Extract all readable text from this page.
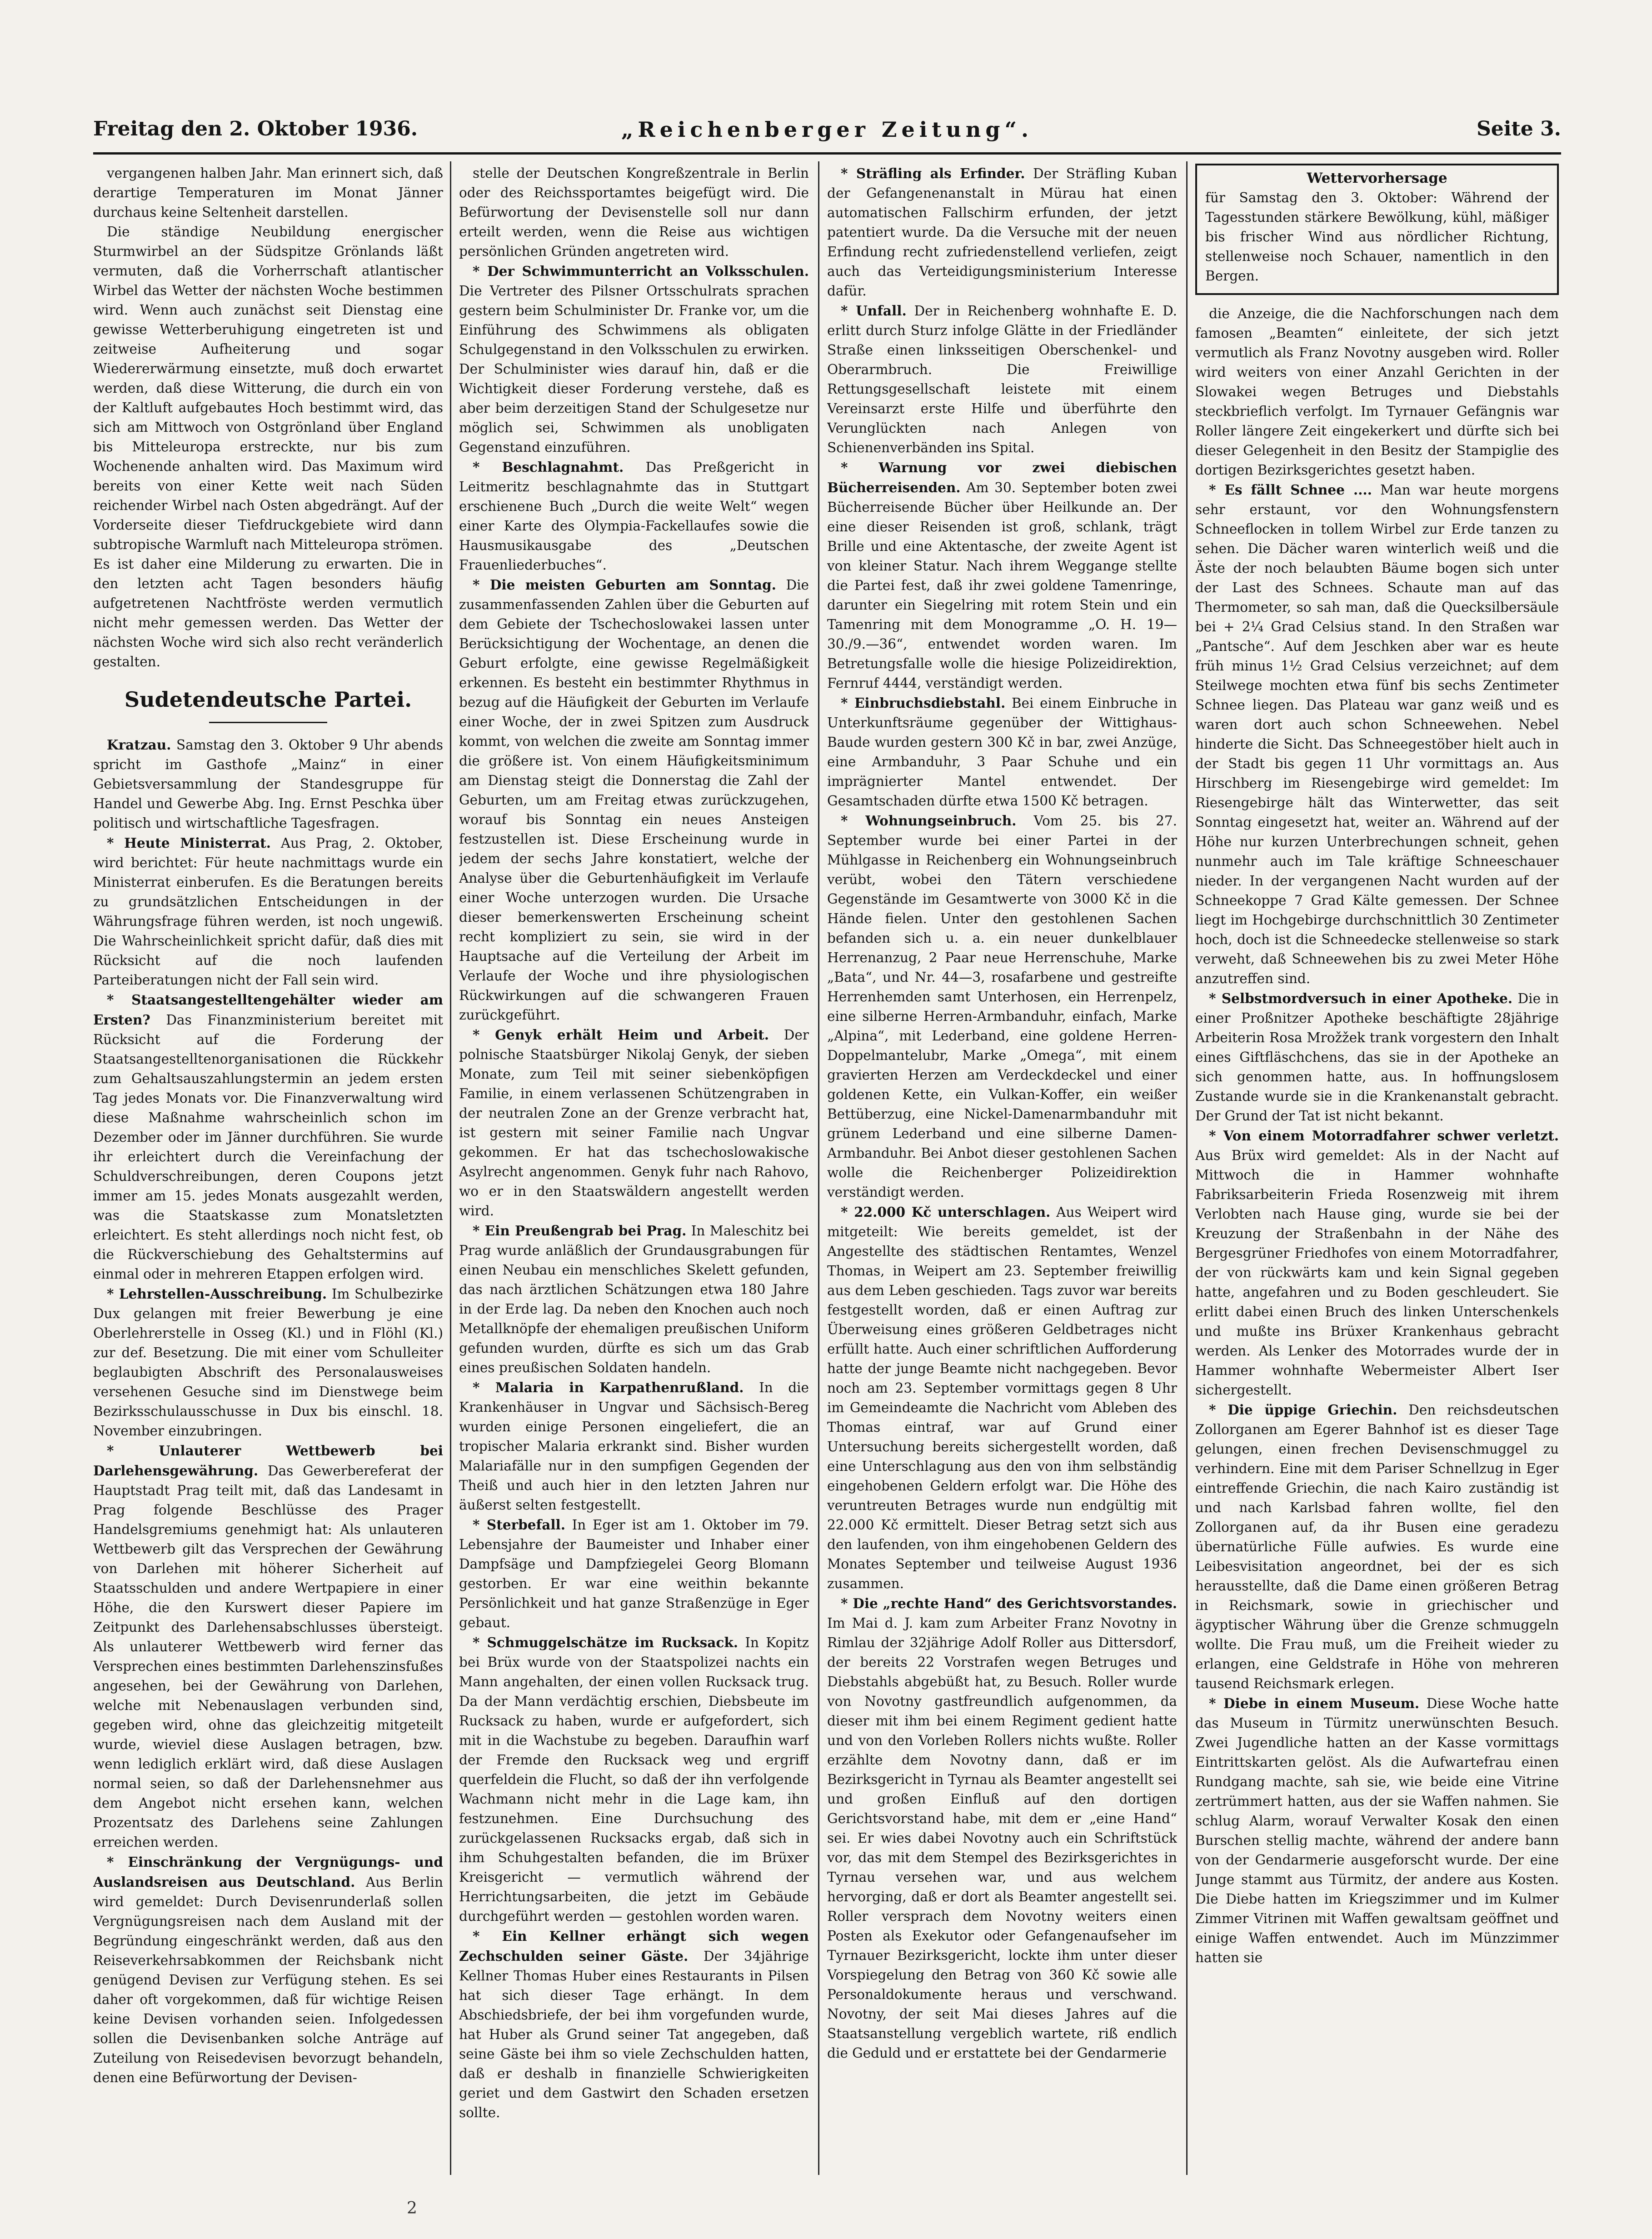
Freitag den 2. Oktober 1936.	„Reichenberger Zeitung“.	Seite 3.

vergangenen halben Jahr. Man erinnert sich, daß derartige Temperaturen im Monat Jänner durchaus keine Seltenheit darstellen.

Die ständige Neubildung energischer Sturmwirbel an der Südspitze Grönlands läßt vermuten, daß die Vorherrschaft atlantischer Wirbel das Wetter der nächsten Woche bestimmen wird. Wenn auch zunächst seit Dienstag eine gewisse Wetterberuhigung eingetreten ist und zeitweise Aufheiterung und sogar Wiedererwärmung einsetzte, muß doch erwartet werden, daß diese Witterung, die durch ein von der Kaltluft aufgebautes Hoch bestimmt wird, das sich am Mittwoch von Ostgrönland über England bis Mitteleuropa erstreckte, nur bis zum Wochenende anhalten wird. Das Maximum wird bereits von einer Kette weit nach Süden reichender Wirbel nach Osten abgedrängt. Auf der Vorderseite dieser Tiefdruckgebiete wird dann subtropische Warmluft nach Mitteleuropa strömen. Es ist daher eine Milderung zu erwarten. Die in den letzten acht Tagen besonders häufig aufgetretenen Nachtfröste werden vermutlich nicht mehr gemessen werden. Das Wetter der nächsten Woche wird sich also recht veränderlich gestalten.

Sudetendeutsche Partei.

Kratzau. Samstag den 3. Oktober 9 Uhr abends spricht im Gasthofe „Mainz“ in einer Gebietsversammlung der Standesgruppe für Handel und Gewerbe Abg. Ing. Ernst Peschka über politisch und wirtschaftliche Tagesfragen.

* Heute Ministerrat. Aus Prag, 2. Oktober, wird berichtet: Für heute nachmittags wurde ein Ministerrat einberufen. Es die Beratungen bereits zu grundsätzlichen Entscheidungen in der Währungsfrage führen werden, ist noch ungewiß. Die Wahrscheinlichkeit spricht dafür, daß dies mit Rücksicht auf die noch laufenden Parteiberatungen nicht der Fall sein wird.

* Staatsangestelltengehälter wieder am Ersten? Das Finanzministerium bereitet mit Rücksicht auf die Forderung der Staatsangestelltenorganisationen die Rückkehr zum Gehaltsauszahlungstermin an jedem ersten Tag jedes Monats vor. Die Finanzverwaltung wird diese Maßnahme wahrscheinlich schon im Dezember oder im Jänner durchführen. Sie wurde ihr erleichtert durch die Vereinfachung der Schuldverschreibungen, deren Coupons jetzt immer am 15. jedes Monats ausgezahlt werden, was die Staatskasse zum Monatsletzten erleichtert. Es steht allerdings noch nicht fest, ob die Rückverschiebung des Gehaltstermins auf einmal oder in mehreren Etappen erfolgen wird.

* Lehrstellen-Ausschreibung. Im Schulbezirke Dux gelangen mit freier Bewerbung je eine Oberlehrerstelle in Osseg (Kl.) und in Flöhl (Kl.) zur def. Besetzung. Die mit einer vom Schulleiter beglaubigten Abschrift des Personalausweises versehenen Gesuche sind im Dienstwege beim Bezirksschulausschusse in Dux bis einschl. 18. November einzubringen.

* Unlauterer Wettbewerb bei Darlehensgewährung. Das Gewerbereferat der Hauptstadt Prag teilt mit, daß das Landesamt in Prag folgende Beschlüsse des Prager Handelsgremiums genehmigt hat: Als unlauteren Wettbewerb gilt das Versprechen der Gewährung von Darlehen mit höherer Sicherheit auf Staatsschulden und andere Wertpapiere in einer Höhe, die den Kurswert dieser Papiere im Zeitpunkt des Darlehensabschlusses übersteigt. Als unlauterer Wettbewerb wird ferner das Versprechen eines bestimmten Darlehenszinsfußes angesehen, bei der Gewährung von Darlehen, welche mit Nebenauslagen verbunden sind, gegeben wird, ohne das gleichzeitig mitgeteilt wurde, wieviel diese Auslagen betragen, bzw. wenn lediglich erklärt wird, daß diese Auslagen normal seien, so daß der Darlehensnehmer aus dem Angebot nicht ersehen kann, welchen Prozentsatz des Darlehens seine Zahlungen erreichen werden.

* Einschränkung der Vergnügungs- und Auslandsreisen aus Deutschland. Aus Berlin wird gemeldet: Durch Devisenrunderlaß sollen Vergnügungsreisen nach dem Ausland mit der Begründung eingeschränkt werden, daß aus den Reiseverkehrsabkommen der Reichsbank nicht genügend Devisen zur Verfügung stehen. Es sei daher oft vorgekommen, daß für wichtige Reisen keine Devisen vorhanden seien. Infolgedessen sollen die Devisenbanken solche Anträge auf Zuteilung von Reisedevisen bevorzugt behandeln, denen eine Befürwortung der Devisen-

stelle der Deutschen Kongreßzentrale in Berlin oder des Reichssportamtes beigefügt wird. Die Befürwortung der Devisenstelle soll nur dann erteilt werden, wenn die Reise aus wichtigen persönlichen Gründen angetreten wird.

* Der Schwimmunterricht an Volksschulen. Die Vertreter des Pilsner Ortsschulrats sprachen gestern beim Schulminister Dr. Franke vor, um die Einführung des Schwimmens als obligaten Schulgegenstand in den Volksschulen zu erwirken. Der Schulminister wies darauf hin, daß er die Wichtigkeit dieser Forderung verstehe, daß es aber beim derzeitigen Stand der Schulgesetze nur möglich sei, Schwimmen als unobligaten Gegenstand einzuführen.

* Beschlagnahmt. Das Preßgericht in Leitmeritz beschlagnahmte das in Stuttgart erschienene Buch „Durch die weite Welt“ wegen einer Karte des Olympia-Fackellaufes sowie die Hausmusikausgabe des „Deutschen Frauenliederbuches“.

* Die meisten Geburten am Sonntag. Die zusammenfassenden Zahlen über die Geburten auf dem Gebiete der Tschechoslowakei lassen unter Berücksichtigung der Wochentage, an denen die Geburt erfolgte, eine gewisse Regelmäßigkeit erkennen. Es besteht ein bestimmter Rhythmus in bezug auf die Häufigkeit der Geburten im Verlaufe einer Woche, der in zwei Spitzen zum Ausdruck kommt, von welchen die zweite am Sonntag immer die größere ist. Von einem Häufigkeitsminimum am Dienstag steigt die Donnerstag die Zahl der Geburten, um am Freitag etwas zurückzugehen, worauf bis Sonntag ein neues Ansteigen festzustellen ist. Diese Erscheinung wurde in jedem der sechs Jahre konstatiert, welche der Analyse über die Geburtenhäufigkeit im Verlaufe einer Woche unterzogen wurden. Die Ursache dieser bemerkenswerten Erscheinung scheint recht kompliziert zu sein, sie wird in der Hauptsache auf die Verteilung der Arbeit im Verlaufe der Woche und ihre physiologischen Rückwirkungen auf die schwangeren Frauen zurückgeführt.

* Genyk erhält Heim und Arbeit. Der polnische Staatsbürger Nikolaj Genyk, der sieben Monate, zum Teil mit seiner siebenköpfigen Familie, in einem verlassenen Schützengraben in der neutralen Zone an der Grenze verbracht hat, ist gestern mit seiner Familie nach Ungvar gekommen. Er hat das tschechoslowakische Asylrecht angenommen. Genyk fuhr nach Rahovo, wo er in den Staatswäldern angestellt werden wird.

* Ein Preußengrab bei Prag. In Maleschitz bei Prag wurde anläßlich der Grundausgrabungen für einen Neubau ein menschliches Skelett gefunden, das nach ärztlichen Schätzungen etwa 180 Jahre in der Erde lag. Da neben den Knochen auch noch Metallknöpfe der ehemaligen preußischen Uniform gefunden wurden, dürfte es sich um das Grab eines preußischen Soldaten handeln.

* Malaria in Karpathenrußland. In die Krankenhäuser in Ungvar und Sächsisch-Bereg wurden einige Personen eingeliefert, die an tropischer Malaria erkrankt sind. Bisher wurden Malariafälle nur in den sumpfigen Gegenden der Theiß und auch hier in den letzten Jahren nur äußerst selten festgestellt.

* Sterbefall. In Eger ist am 1. Oktober im 79. Lebensjahre der Baumeister und Inhaber einer Dampfsäge und Dampfziegelei Georg Blomann gestorben. Er war eine weithin bekannte Persönlichkeit und hat ganze Straßenzüge in Eger gebaut.

* Schmuggelschätze im Rucksack. In Kopitz bei Brüx wurde von der Staatspolizei nachts ein Mann angehalten, der einen vollen Rucksack trug. Da der Mann verdächtig erschien, Diebsbeute im Rucksack zu haben, wurde er aufgefordert, sich mit in die Wachstube zu begeben. Daraufhin warf der Fremde den Rucksack weg und ergriff querfeldein die Flucht, so daß der ihn verfolgende Wachmann nicht mehr in die Lage kam, ihn festzunehmen. Eine Durchsuchung des zurückgelassenen Rucksacks ergab, daß sich in ihm Schuhgestalten befanden, die im Brüxer Kreisgericht — vermutlich während der Herrichtungsarbeiten, die jetzt im Gebäude durchgeführt werden — gestohlen worden waren.

* Ein Kellner erhängt sich wegen Zechschulden seiner Gäste. Der 34jährige Kellner Thomas Huber eines Restaurants in Pilsen hat sich dieser Tage erhängt. In dem Abschiedsbriefe, der bei ihm vorgefunden wurde, hat Huber als Grund seiner Tat angegeben, daß seine Gäste bei ihm so viele Zechschulden hatten, daß er deshalb in finanzielle Schwierigkeiten geriet und dem Gastwirt den Schaden ersetzen sollte.

* Sträfling als Erfinder. Der Sträfling Kuban der Gefangenenanstalt in Mürau hat einen automatischen Fallschirm erfunden, der jetzt patentiert wurde. Da die Versuche mit der neuen Erfindung recht zufriedenstellend verliefen, zeigt auch das Verteidigungsministerium Interesse dafür.

* Unfall. Der in Reichenberg wohnhafte E. D. erlitt durch Sturz infolge Glätte in der Friedländer Straße einen linksseitigen Oberschenkel- und Oberarmbruch. Die Freiwillige Rettungsgesellschaft leistete mit einem Vereinsarzt erste Hilfe und überführte den Verunglückten nach Anlegen von Schienenverbänden ins Spital.

* Warnung vor zwei diebischen Bücherreisenden. Am 30. September boten zwei Bücherreisende Bücher über Heilkunde an. Der eine dieser Reisenden ist groß, schlank, trägt Brille und eine Aktentasche, der zweite Agent ist von kleiner Statur. Nach ihrem Weggange stellte die Partei fest, daß ihr zwei goldene Tamenringe, darunter ein Siegelring mit rotem Stein und ein Tamenring mit dem Monogramme „O. H. 19—30./9.—36“, entwendet worden waren. Im Betretungsfalle wolle die hiesige Polizeidirektion, Fernruf 4444, verständigt werden.

* Einbruchsdiebstahl. Bei einem Einbruche in Unterkunftsräume gegenüber der Wittighaus-Baude wurden gestern 300 Kč in bar, zwei Anzüge, eine Armbanduhr, 3 Paar Schuhe und ein imprägnierter Mantel entwendet. Der Gesamtschaden dürfte etwa 1500 Kč betragen.

* Wohnungseinbruch. Vom 25. bis 27. September wurde bei einer Partei in der Mühlgasse in Reichenberg ein Wohnungseinbruch verübt, wobei den Tätern verschiedene Gegenstände im Gesamtwerte von 3000 Kč in die Hände fielen. Unter den gestohlenen Sachen befanden sich u. a. ein neuer dunkelblauer Herrenanzug, 2 Paar neue Herrenschuhe, Marke „Bata“, und Nr. 44—3, rosafarbene und gestreifte Herrenhemden samt Unterhosen, ein Herrenpelz, eine silberne Herren-Armbanduhr, einfach, Marke „Alpina“, mit Lederband, eine goldene Herren-Doppelmantelubr, Marke „Omega“, mit einem gravierten Herzen am Verdeckdeckel und einer goldenen Kette, ein Vulkan-Koffer, ein weißer Bettüberzug, eine Nickel-Damenarmbanduhr mit grünem Lederband und eine silberne Damen-Armbanduhr. Bei Anbot dieser gestohlenen Sachen wolle die Reichenberger Polizeidirektion verständigt werden.

* 22.000 Kč unterschlagen. Aus Weipert wird mitgeteilt: Wie bereits gemeldet, ist der Angestellte des städtischen Rentamtes, Wenzel Thomas, in Weipert am 23. September freiwillig aus dem Leben geschieden. Tags zuvor war bereits festgestellt worden, daß er einen Auftrag zur Überweisung eines größeren Geldbetrages nicht erfüllt hatte. Auch einer schriftlichen Aufforderung hatte der junge Beamte nicht nachgegeben. Bevor noch am 23. September vormittags gegen 8 Uhr im Gemeindeamte die Nachricht vom Ableben des Thomas eintraf, war auf Grund einer Untersuchung bereits sichergestellt worden, daß eine Unterschlagung aus den von ihm selbständig eingehobenen Geldern erfolgt war. Die Höhe des veruntreuten Betrages wurde nun endgültig mit 22.000 Kč ermittelt. Dieser Betrag setzt sich aus den laufenden, von ihm eingehobenen Geldern des Monates September und teilweise August 1936 zusammen.

* Die „rechte Hand“ des Gerichtsvorstandes. Im Mai d. J. kam zum Arbeiter Franz Novotny in Rimlau der 32jährige Adolf Roller aus Dittersdorf, der bereits 22 Vorstrafen wegen Betruges und Diebstahls abgebüßt hat, zu Besuch. Roller wurde von Novotny gastfreundlich aufgenommen, da dieser mit ihm bei einem Regiment gedient hatte und von den Vorleben Rollers nichts wußte. Roller erzählte dem Novotny dann, daß er im Bezirksgericht in Tyrnau als Beamter angestellt sei und großen Einfluß auf den dortigen Gerichtsvorstand habe, mit dem er „eine Hand“ sei. Er wies dabei Novotny auch ein Schriftstück vor, das mit dem Stempel des Bezirksgerichtes in Tyrnau versehen war, und aus welchem hervorging, daß er dort als Beamter angestellt sei. Roller versprach dem Novotny weiters einen Posten als Exekutor oder Gefangenaufseher im Tyrnauer Bezirksgericht, lockte ihm unter dieser Vorspiegelung den Betrag von 360 Kč sowie alle Personaldokumente heraus und verschwand. Novotny, der seit Mai dieses Jahres auf die Staatsanstellung vergeblich wartete, riß endlich die Geduld und er erstattete bei der Gendarmerie

Wettervorhersage

für Samstag den 3. Oktober: Während der Tagesstunden stärkere Bewölkung, kühl, mäßiger bis frischer Wind aus nördlicher Richtung, stellenweise noch Schauer, namentlich in den Bergen.

die Anzeige, die die Nachforschungen nach dem famosen „Beamten“ einleitete, der sich jetzt vermutlich als Franz Novotny ausgeben wird. Roller wird weiters von einer Anzahl Gerichten in der Slowakei wegen Betruges und Diebstahls steckbrieflich verfolgt. Im Tyrnauer Gefängnis war Roller längere Zeit eingekerkert und dürfte sich bei dieser Gelegenheit in den Besitz der Stampiglie des dortigen Bezirksgerichtes gesetzt haben.

* Es fällt Schnee .... Man war heute morgens sehr erstaunt, vor den Wohnungsfenstern Schneeflocken in tollem Wirbel zur Erde tanzen zu sehen. Die Dächer waren winterlich weiß und die Äste der noch belaubten Bäume bogen sich unter der Last des Schnees. Schaute man auf das Thermometer, so sah man, daß die Quecksilbersäule bei + 2¼ Grad Celsius stand. In den Straßen war „Pantsche“. Auf dem Jeschken aber war es heute früh minus 1½ Grad Celsius verzeichnet; auf dem Steilwege mochten etwa fünf bis sechs Zentimeter Schnee liegen. Das Plateau war ganz weiß und es waren dort auch schon Schneewehen. Nebel hinderte die Sicht. Das Schneegestöber hielt auch in der Stadt bis gegen 11 Uhr vormittags an. Aus Hirschberg im Riesengebirge wird gemeldet: Im Riesengebirge hält das Winterwetter, das seit Sonntag eingesetzt hat, weiter an. Während auf der Höhe nur kurzen Unterbrechungen schneit, gehen nunmehr auch im Tale kräftige Schneeschauer nieder. In der vergangenen Nacht wurden auf der Schneekoppe 7 Grad Kälte gemessen. Der Schnee liegt im Hochgebirge durchschnittlich 30 Zentimeter hoch, doch ist die Schneedecke stellenweise so stark verweht, daß Schneewehen bis zu zwei Meter Höhe anzutreffen sind.

* Selbstmordversuch in einer Apotheke. Die in einer Proßnitzer Apotheke beschäftigte 28jährige Arbeiterin Rosa Mrožžek trank vorgestern den Inhalt eines Giftfläschchens, das sie in der Apotheke an sich genommen hatte, aus. In hoffnungslosem Zustande wurde sie in die Krankenanstalt gebracht. Der Grund der Tat ist nicht bekannt.

* Von einem Motorradfahrer schwer verletzt. Aus Brüx wird gemeldet: Als in der Nacht auf Mittwoch die in Hammer wohnhafte Fabriksarbeiterin Frieda Rosenzweig mit ihrem Verlobten nach Hause ging, wurde sie bei der Kreuzung der Straßenbahn in der Nähe des Bergesgrüner Friedhofes von einem Motorradfahrer, der von rückwärts kam und kein Signal gegeben hatte, angefahren und zu Boden geschleudert. Sie erlitt dabei einen Bruch des linken Unterschenkels und mußte ins Brüxer Krankenhaus gebracht werden. Als Lenker des Motorrades wurde der in Hammer wohnhafte Webermeister Albert Iser sichergestellt.

* Die üppige Griechin. Den reichsdeutschen Zollorganen am Egerer Bahnhof ist es dieser Tage gelungen, einen frechen Devisenschmuggel zu verhindern. Eine mit dem Pariser Schnellzug in Eger eintreffende Griechin, die nach Kairo zuständig ist und nach Karlsbad fahren wollte, fiel den Zollorganen auf, da ihr Busen eine geradezu übernatürliche Fülle aufwies. Es wurde eine Leibesvisitation angeordnet, bei der es sich herausstellte, daß die Dame einen größeren Betrag in Reichsmark, sowie in griechischer und ägyptischer Währung über die Grenze schmuggeln wollte. Die Frau muß, um die Freiheit wieder zu erlangen, eine Geldstrafe in Höhe von mehreren tausend Reichsmark erlegen.

* Diebe in einem Museum. Diese Woche hatte das Museum in Türmitz unerwünschten Besuch. Zwei Jugendliche hatten an der Kasse vormittags Eintrittskarten gelöst. Als die Aufwartefrau einen Rundgang machte, sah sie, wie beide eine Vitrine zertrümmert hatten, aus der sie Waffen nahmen. Sie schlug Alarm, worauf Verwalter Kosak den einen Burschen stellig machte, während der andere bann von der Gendarmerie ausgeforscht wurde. Der eine Junge stammt aus Türmitz, der andere aus Kosten. Die Diebe hatten im Kriegszimmer und im Kulmer Zimmer Vitrinen mit Waffen gewaltsam geöffnet und einige Waffen entwendet. Auch im Münzzimmer hatten sie

2
